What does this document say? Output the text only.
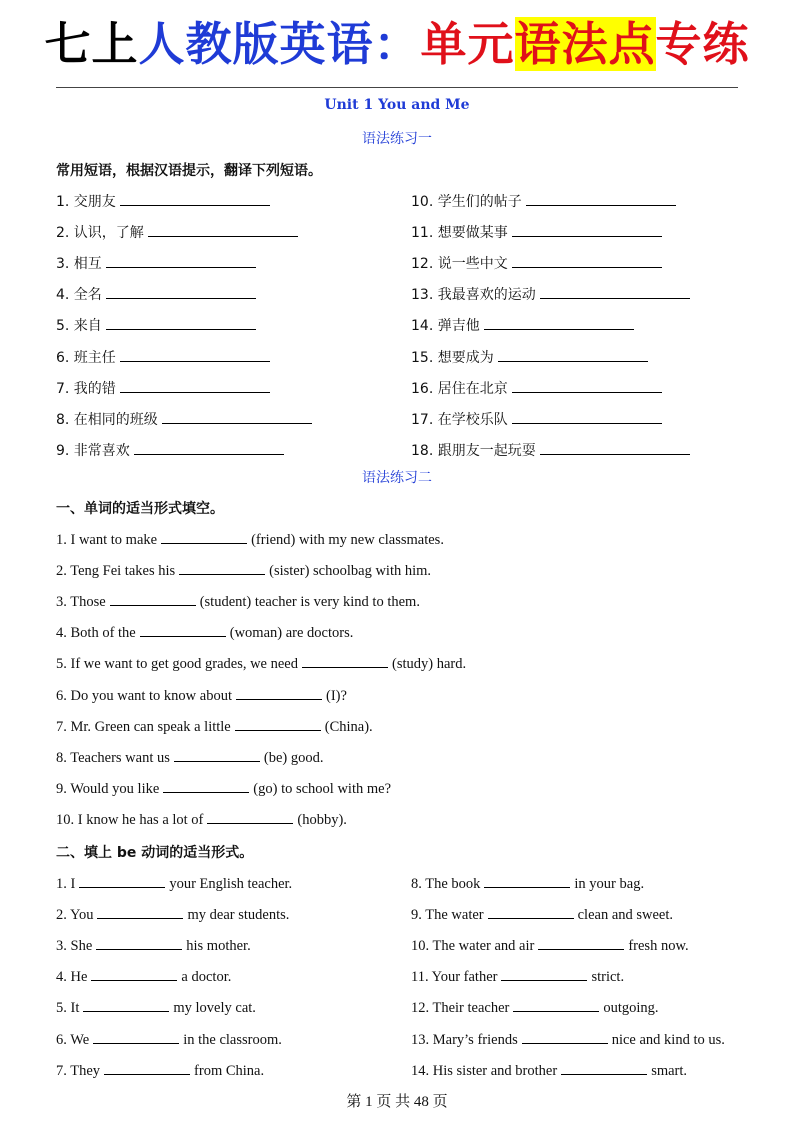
七上人教版英语：单元语法点专练
Unit 1 You and Me
语法练习一
常用短语，根据汉语提示，翻译下列短语。
1. 交朋友
2. 认识，了解
3. 相互
4. 全名
5. 来自
6. 班主任
7. 我的错
8. 在相同的班级
9. 非常喜欢
10. 学生们的帖子
11. 想要做某事
12. 说一些中文
13. 我最喜欢的运动
14. 弹吉他
15. 想要成为
16. 居住在北京
17. 在学校乐队
18. 跟朋友一起玩耍
语法练习二
一、单词的适当形式填空。
1. I want to make	(friend) with my new classmates.
2. Teng Fei takes his	(sister) schoolbag with him.
3. Those	(student) teacher is very kind to them.
4. Both of the	(woman) are doctors.
5. If we want to get good grades, we need	(study) hard.
6. Do you want to know about	(I)?
7. Mr. Green can speak a little	(China).
8. Teachers want us	(be) good.
9. Would you like	(go) to school with me?
10. I know he has a lot of	(hobby).
二、填上 be 动词的适当形式。
1. I	your English teacher.
2. You	my dear students.
3. She	his mother.
4. He	a doctor.
5. It	my lovely cat.
6. We	in the classroom.
7. They	from China.
8. The book	in your bag.
9. The water	clean and sweet.
10. The water and air	fresh now.
11. Your father	strict.
12. Their teacher	outgoing.
13. Mary’s friends	nice and kind to us.
14. His sister and brother	smart.
第 1 页 共 48 页
